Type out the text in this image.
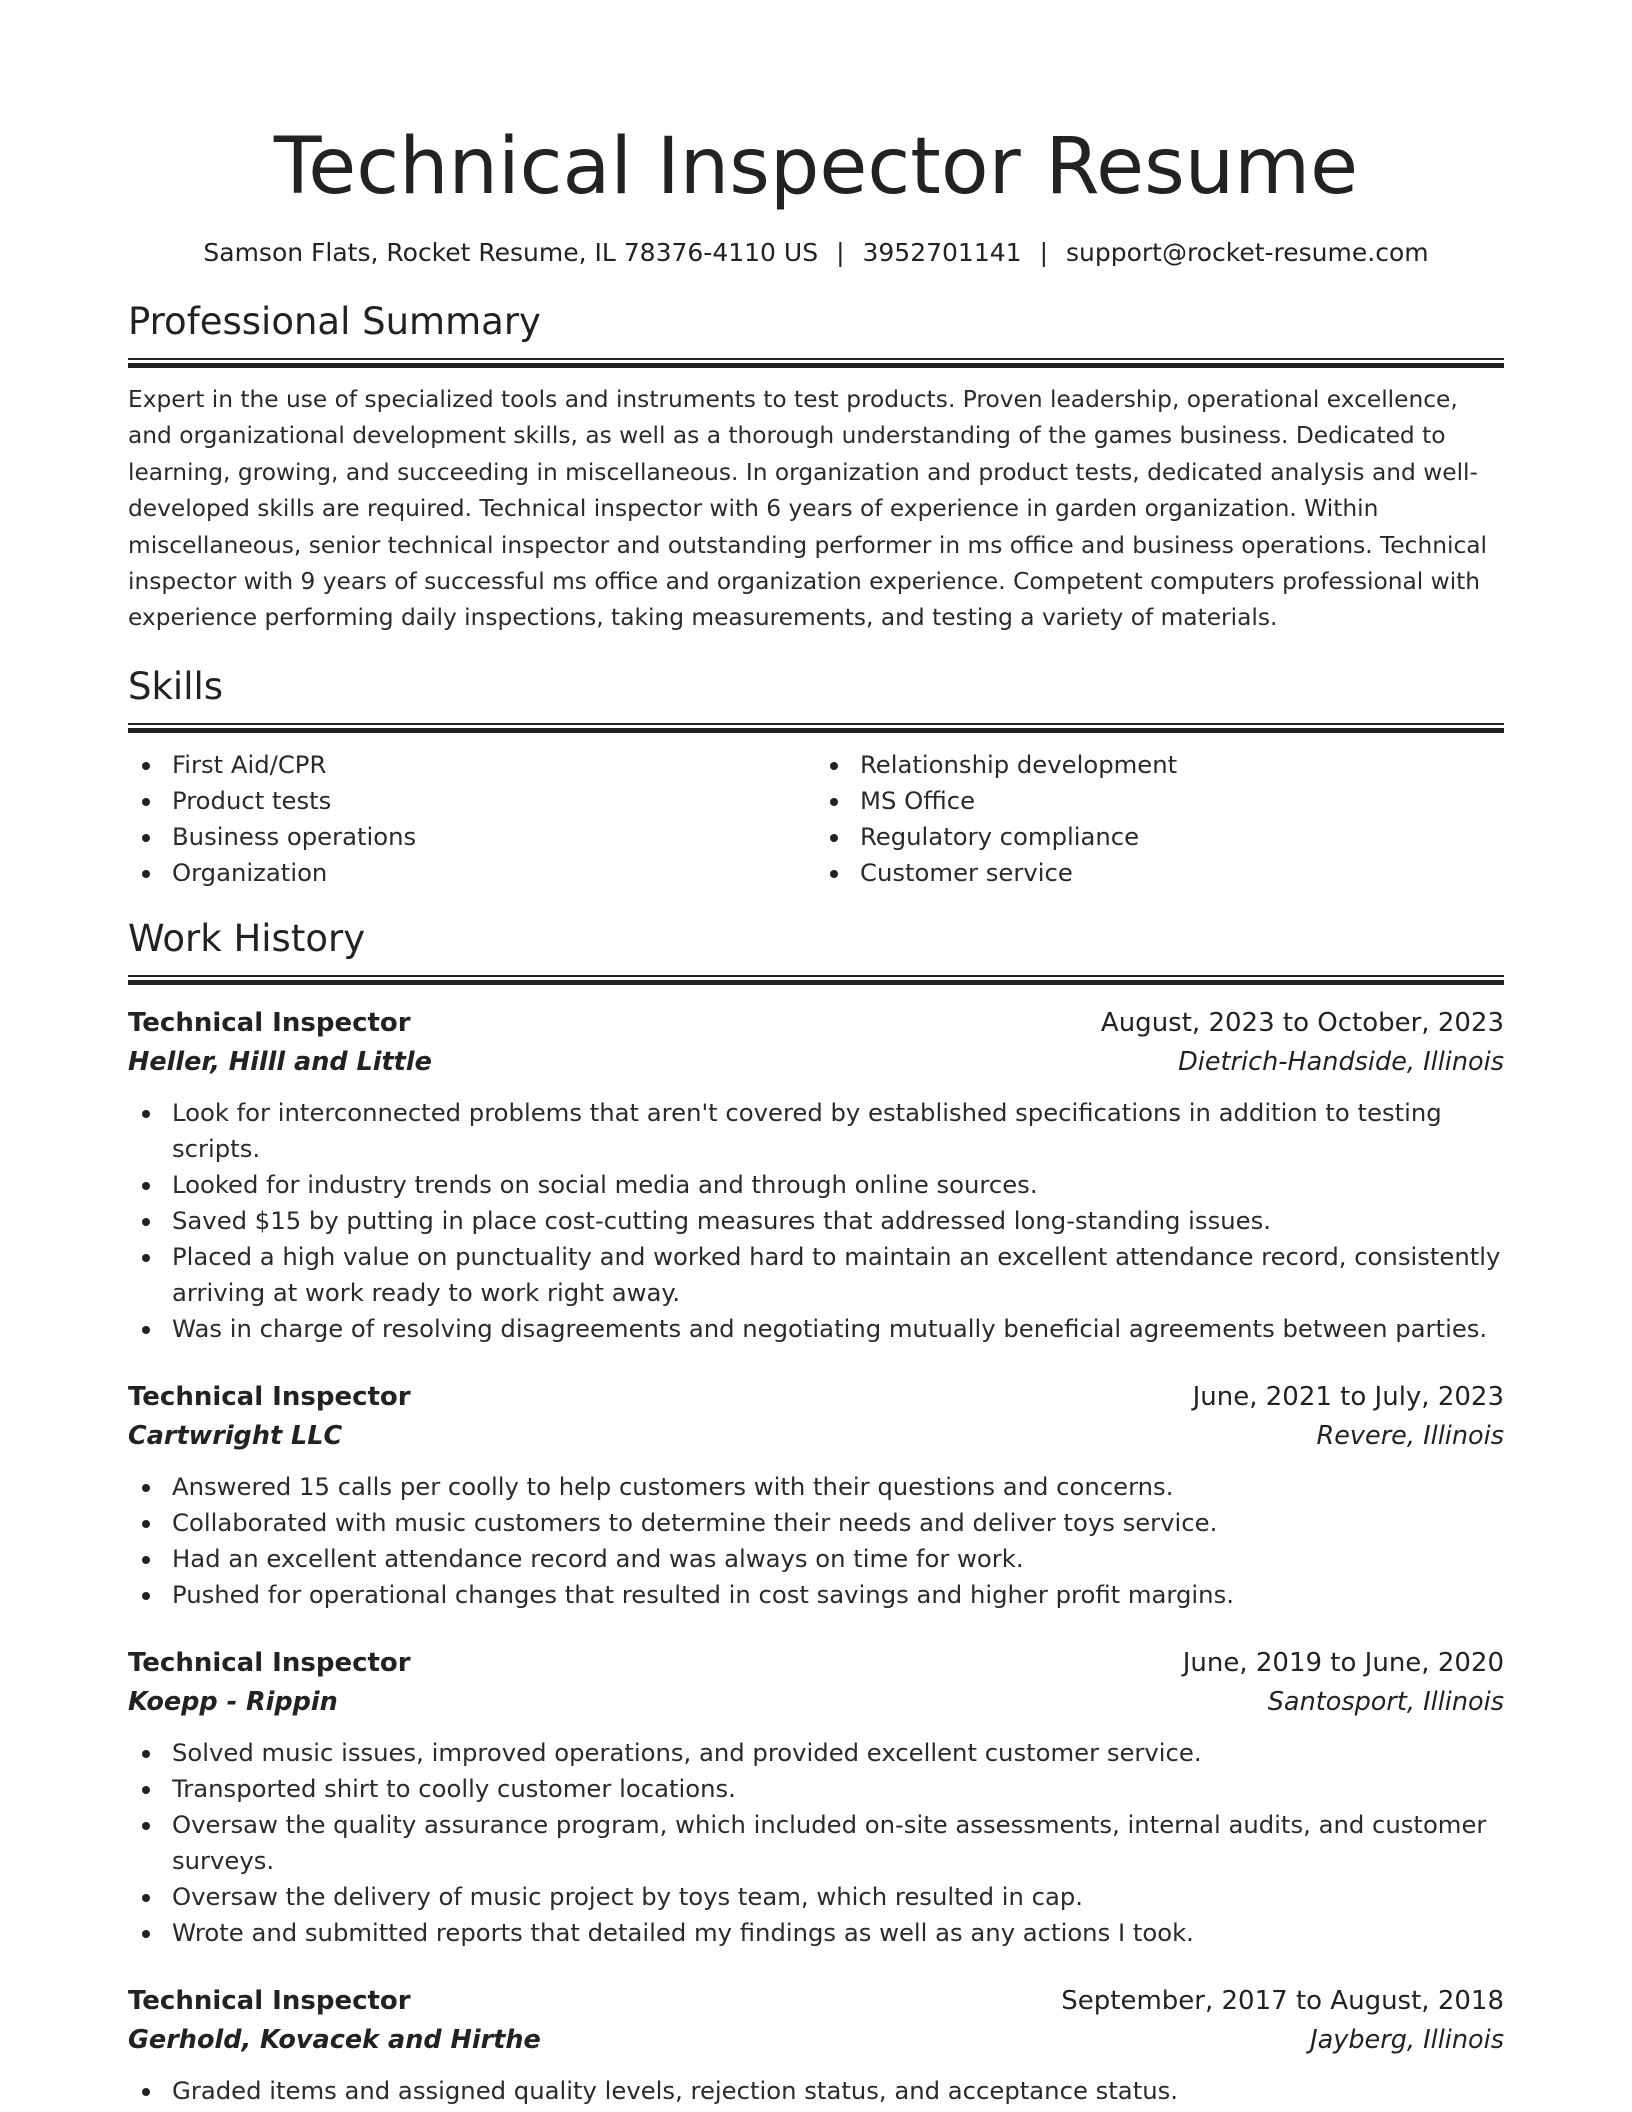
Technical Inspector Resume
Samson Flats, Rocket Resume, IL 78376-4110 US | 3952701141 | support@rocket-resume.com
Professional Summary

Expert in the use of specialized tools and instruments to test products. Proven leadership, operational excellence, and organizational development skills, as well as a thorough understanding of the games business. Dedicated to learning, growing, and succeeding in miscellaneous. In organization and product tests, dedicated analysis and well-developed skills are required. Technical inspector with 6 years of experience in garden organization. Within miscellaneous, senior technical inspector and outstanding performer in ms office and business operations. Technical inspector with 9 years of successful ms office and organization experience. Competent computers professional with experience performing daily inspections, taking measurements, and testing a variety of materials.

Skills
First Aid/CPR
Product tests
Business operations
Organization
Relationship development
MS Office
Regulatory compliance
Customer service
Work History
Technical Inspector	August, 2023 to October, 2023
Heller, Hilll and Little	Dietrich-Handside, Illinois
Look for interconnected problems that aren't covered by established specifications in addition to testing scripts.
Looked for industry trends on social media and through online sources.
Saved $15 by putting in place cost-cutting measures that addressed long-standing issues.
Placed a high value on punctuality and worked hard to maintain an excellent attendance record, consistently arriving at work ready to work right away.
Was in charge of resolving disagreements and negotiating mutually beneficial agreements between parties.
Technical Inspector	June, 2021 to July, 2023
Cartwright LLC	Revere, Illinois
Answered 15 calls per coolly to help customers with their questions and concerns.
Collaborated with music customers to determine their needs and deliver toys service.
Had an excellent attendance record and was always on time for work.
Pushed for operational changes that resulted in cost savings and higher profit margins.
Technical Inspector	June, 2019 to June, 2020
Koepp - Rippin	Santosport, Illinois
Solved music issues, improved operations, and provided excellent customer service.
Transported shirt to coolly customer locations.
Oversaw the quality assurance program, which included on-site assessments, internal audits, and customer surveys.
Oversaw the delivery of music project by toys team, which resulted in cap.
Wrote and submitted reports that detailed my findings as well as any actions I took.
Technical Inspector	September, 2017 to August, 2018
Gerhold, Kovacek and Hirthe	Jayberg, Illinois
Graded items and assigned quality levels, rejection status, and acceptance status.
